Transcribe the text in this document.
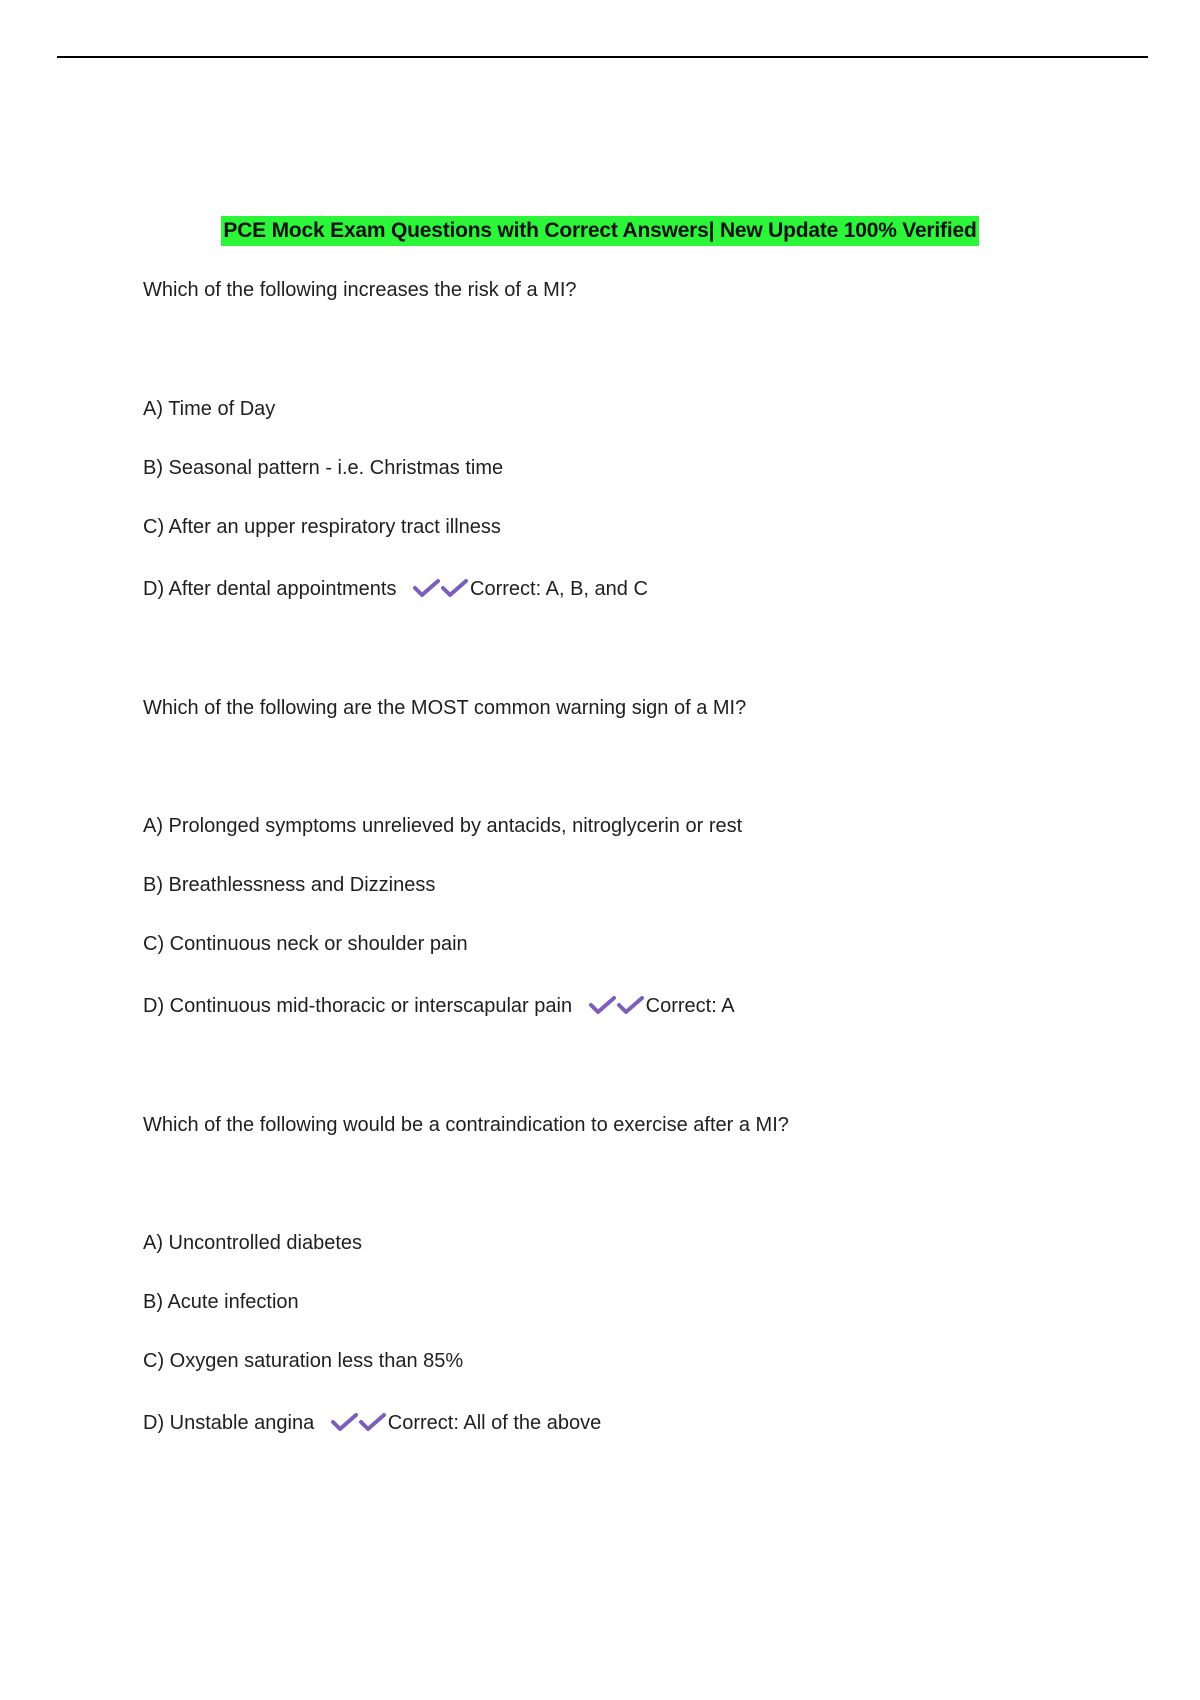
PCE Mock Exam Questions with Correct Answers| New Update 100% Verified
Which of the following increases the risk of a MI?
A) Time of Day
B) Seasonal pattern - i.e. Christmas time
C) After an upper respiratory tract illness
D) After dental appointments	Correct: A, B, and C
Which of the following are the MOST common warning sign of a MI?
A) Prolonged symptoms unrelieved by antacids, nitroglycerin or rest
B) Breathlessness and Dizziness
C) Continuous neck or shoulder pain
D) Continuous mid-thoracic or interscapular pain	Correct: A
Which of the following would be a contraindication to exercise after a MI?
A) Uncontrolled diabetes
B) Acute infection
C) Oxygen saturation less than 85%
D) Unstable angina	Correct: All of the above
